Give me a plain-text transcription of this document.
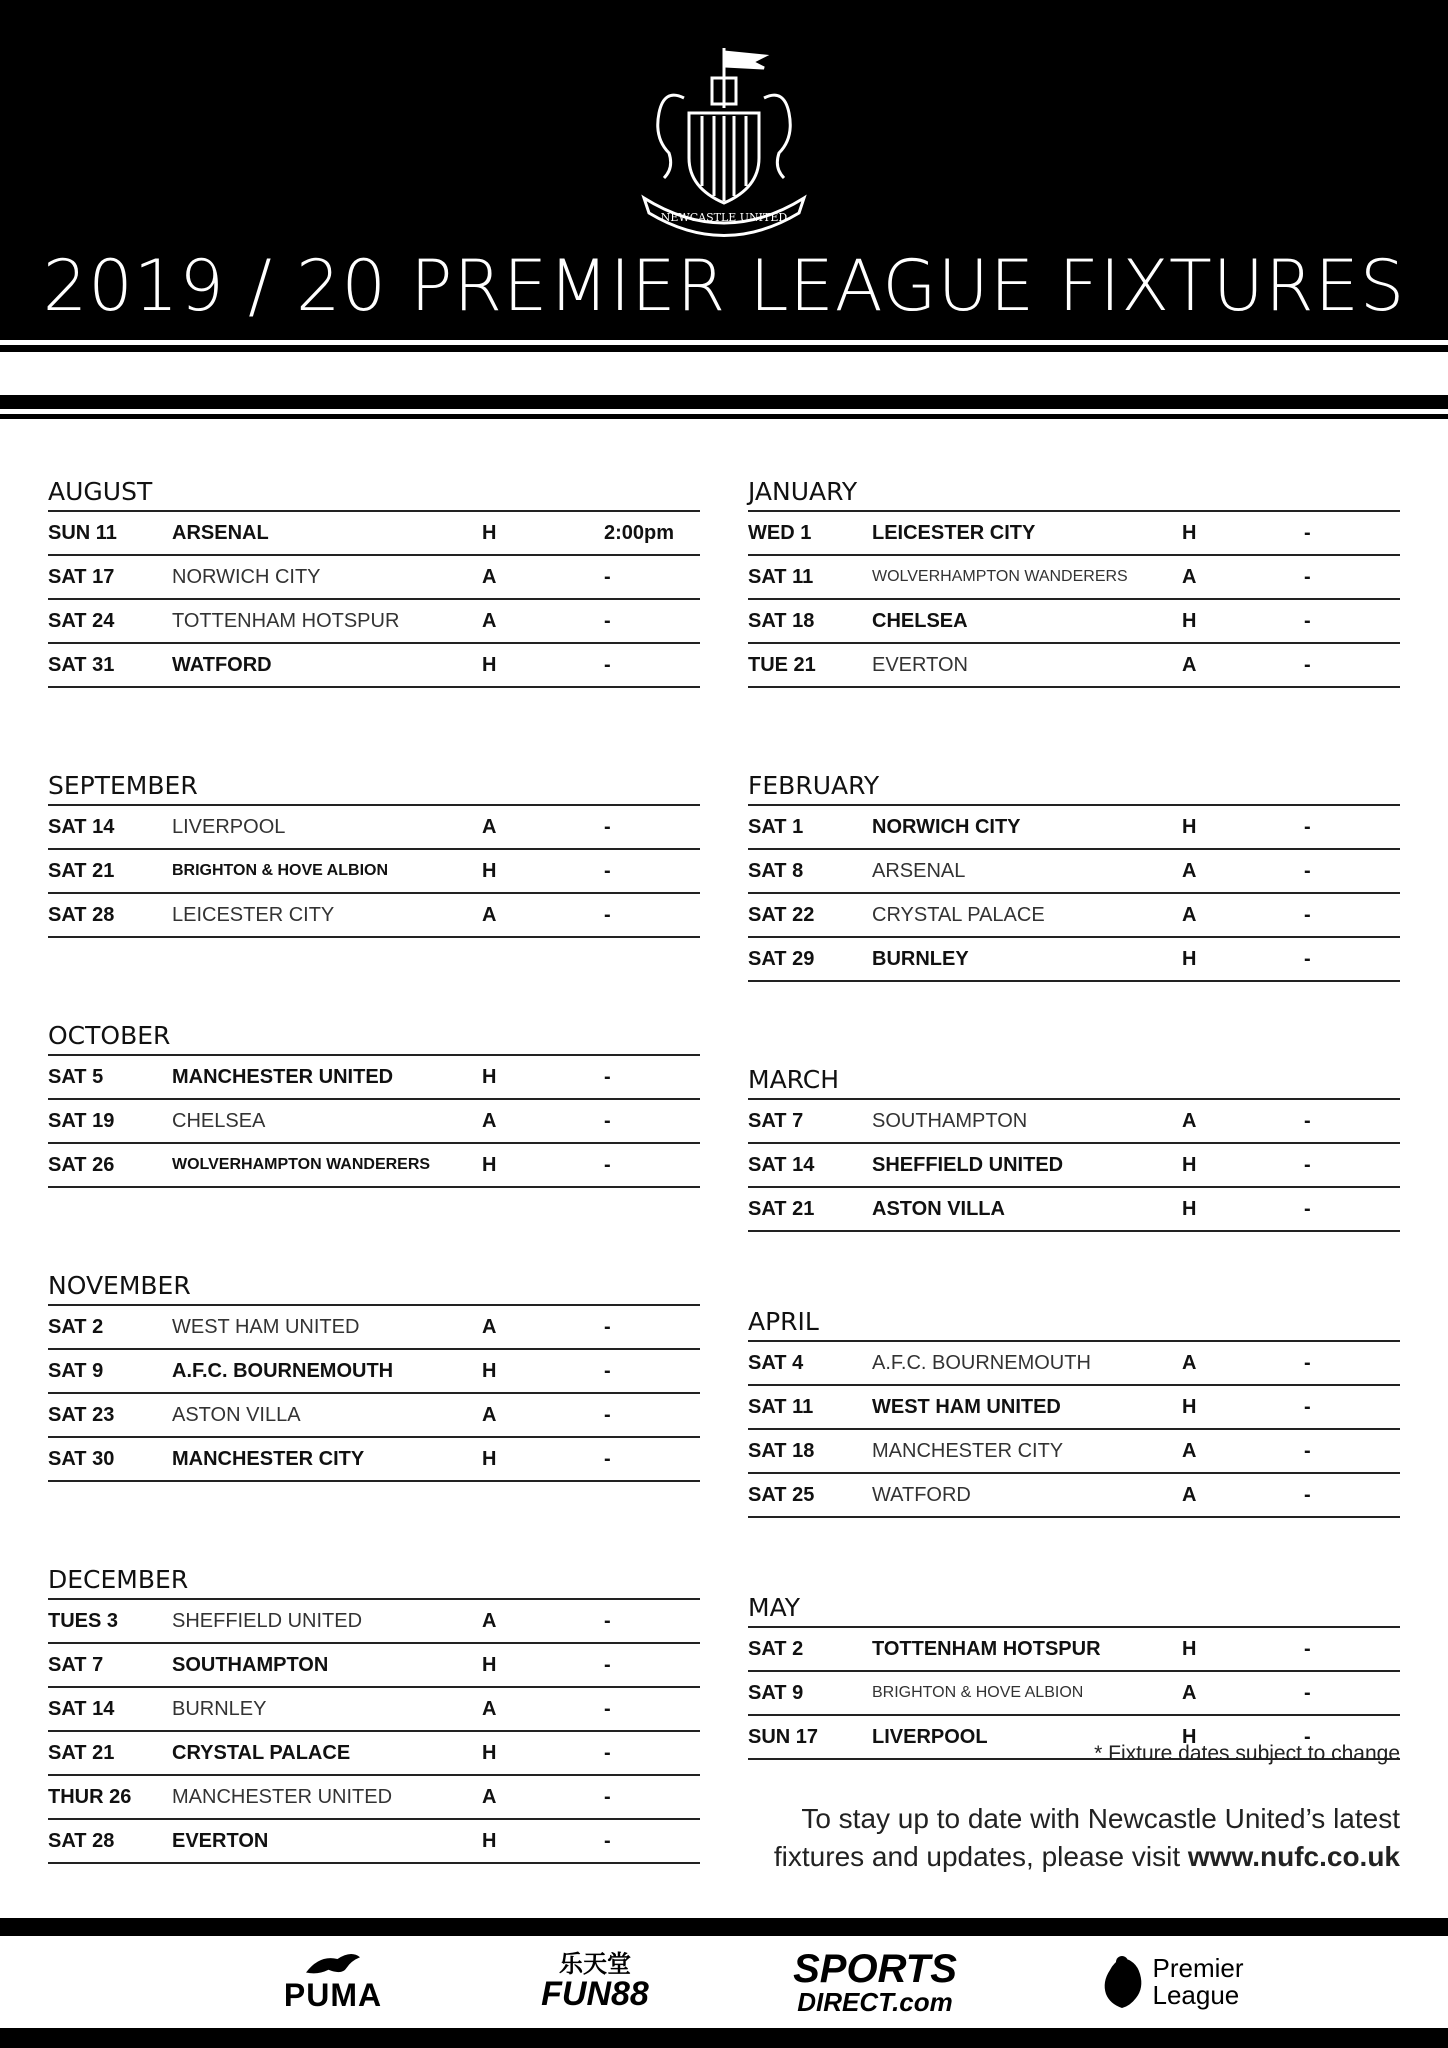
NEWCASTLE UNITED
2019 / 20 PREMIER LEAGUE FIXTURES
AUGUST
SUN 11	ARSENAL	H	2:00pm
SAT 17	NORWICH CITY	A	-
SAT 24	TOTTENHAM HOTSPUR	A	-
SAT 31	WATFORD	H	-
SEPTEMBER
SAT 14	LIVERPOOL	A	-
SAT 21	BRIGHTON & HOVE ALBION	H	-
SAT 28	LEICESTER CITY	A	-
OCTOBER
SAT 5	MANCHESTER UNITED	H	-
SAT 19	CHELSEA	A	-
SAT 26	WOLVERHAMPTON WANDERERS	H	-
NOVEMBER
SAT 2	WEST HAM UNITED	A	-
SAT 9	A.F.C. BOURNEMOUTH	H	-
SAT 23	ASTON VILLA	A	-
SAT 30	MANCHESTER CITY	H	-
DECEMBER
TUES 3	SHEFFIELD UNITED	A	-
SAT 7	SOUTHAMPTON	H	-
SAT 14	BURNLEY	A	-
SAT 21	CRYSTAL PALACE	H	-
THUR 26	MANCHESTER UNITED	A	-
SAT 28	EVERTON	H	-
JANUARY
WED 1	LEICESTER CITY	H	-
SAT 11	WOLVERHAMPTON WANDERERS	A	-
SAT 18	CHELSEA	H	-
TUE 21	EVERTON	A	-
FEBRUARY
SAT 1	NORWICH CITY	H	-
SAT 8	ARSENAL	A	-
SAT 22	CRYSTAL PALACE	A	-
SAT 29	BURNLEY	H	-
MARCH
SAT 7	SOUTHAMPTON	A	-
SAT 14	SHEFFIELD UNITED	H	-
SAT 21	ASTON VILLA	H	-
APRIL
SAT 4	A.F.C. BOURNEMOUTH	A	-
SAT 11	WEST HAM UNITED	H	-
SAT 18	MANCHESTER CITY	A	-
SAT 25	WATFORD	A	-
MAY
SAT 2	TOTTENHAM HOTSPUR	H	-
SAT 9	BRIGHTON & HOVE ALBION	A	-
SUN 17	LIVERPOOL	H	-
* Fixture dates subject to change
To stay up to date with Newcastle United’s latest
fixtures and updates, please visit www.nufc.co.uk
PUMA
乐天堂
FUN88
SPORTS
DIRECT.com
Premier
League
